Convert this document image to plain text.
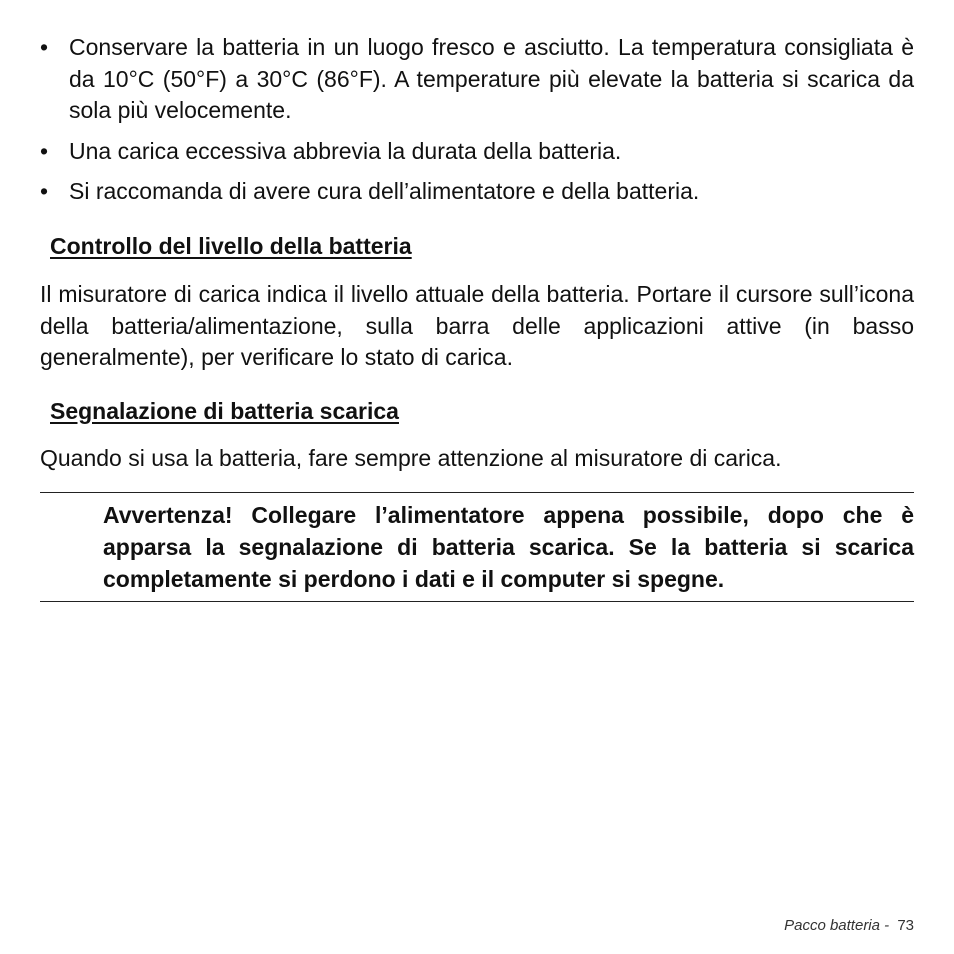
• Conservare la batteria in un luogo fresco e asciutto. La temperatura consigliata è da 10°C (50°F) a 30°C (86°F). A temperature più elevate la batteria si scarica da sola più velocemente.
• Una carica eccessiva abbrevia la durata della batteria.
• Si raccomanda di avere cura dell’alimentatore e della batteria.
Controllo del livello della batteria

Il misuratore di carica indica il livello attuale della batteria. Portare il cursore sull’icona della batteria/alimentazione, sulla barra delle applicazioni attive (in basso generalmente), per verificare lo stato di carica.

Segnalazione di batteria scarica

Quando si usa la batteria, fare sempre attenzione al misuratore di carica.

Avvertenza! Collegare l’alimentatore appena possibile, dopo che è apparsa la segnalazione di batteria scarica. Se la batteria si scarica completamente si perdono i dati e il computer si spegne.

Pacco batteria - 73
